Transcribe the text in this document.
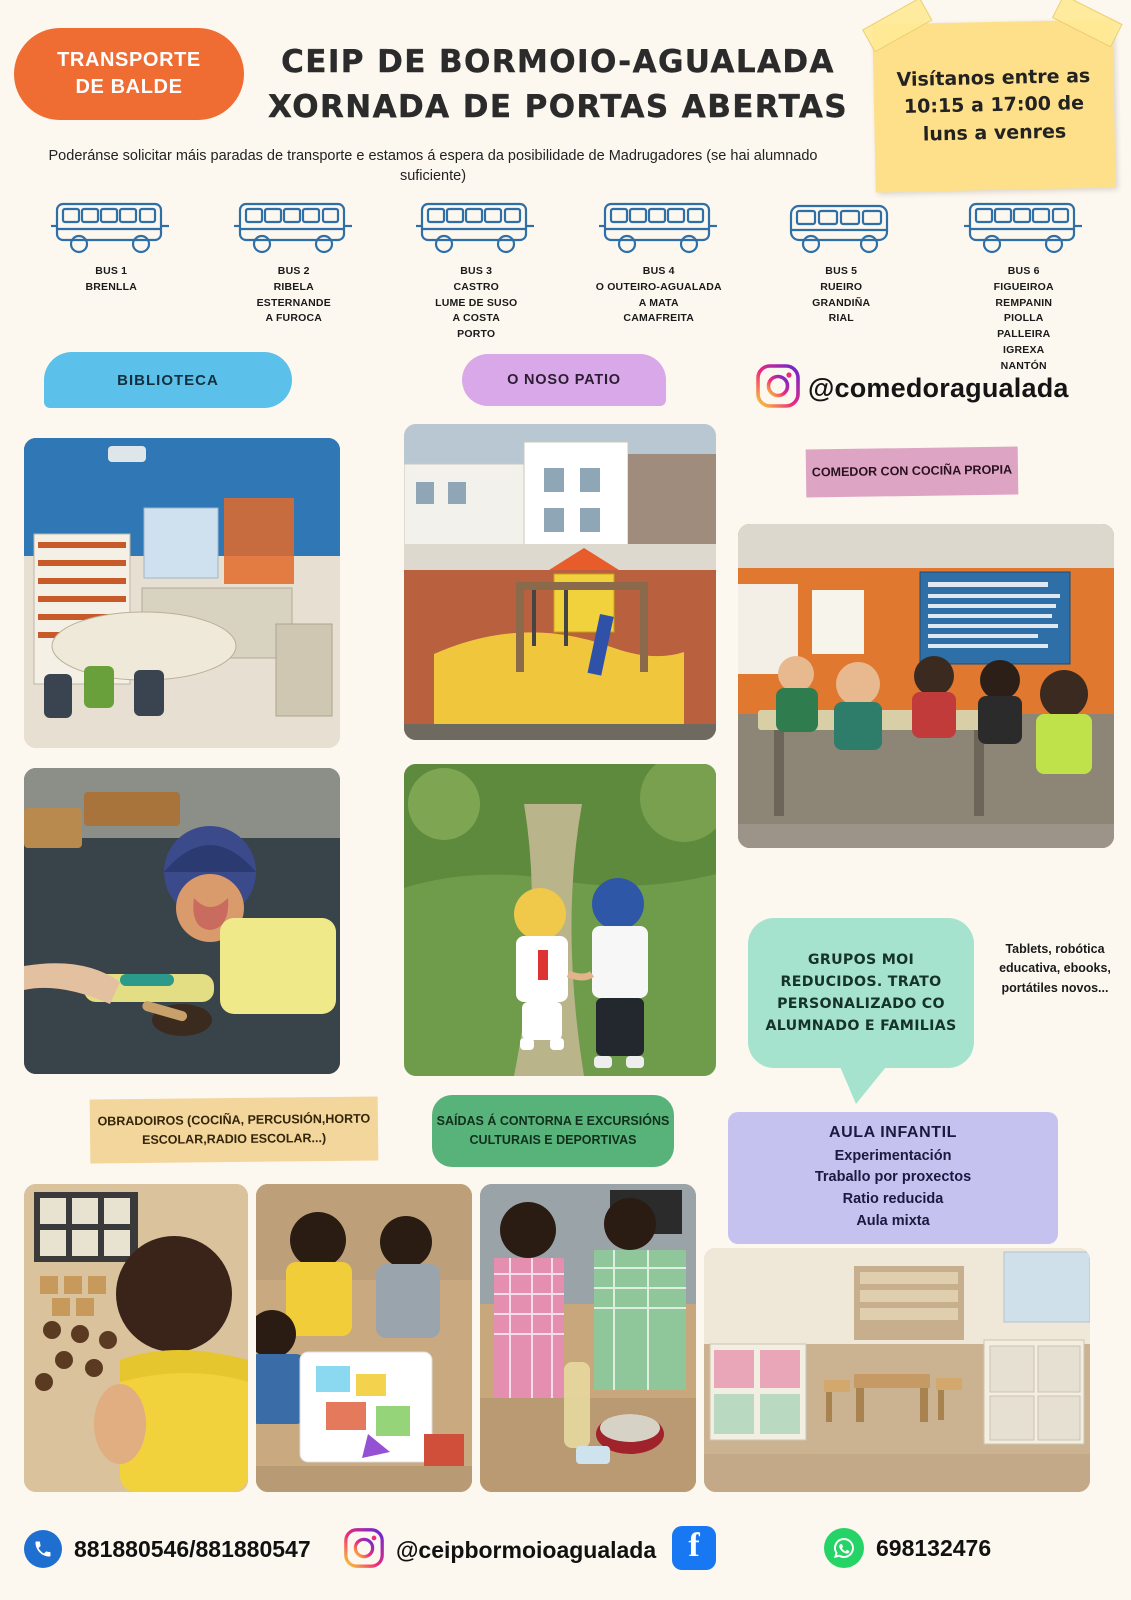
TRANSPORTE
DE BALDE
CEIP DE BORMOIO-AGUALADA
XORNADA DE PORTAS ABERTAS
Visítanos entre as 10:15 a 17:00 de luns a venres
Poderánse solicitar máis paradas de transporte e estamos á espera da posibilidade de Madrugadores (se hai alumnado suficiente)
BUS 1
BRENLLA
BUS 2
RIBELA
ESTERNANDE
A FUROCA
BUS 3
CASTRO
LUME DE SUSO
A COSTA
PORTO
BUS 4
O OUTEIRO-AGUALADA
A MATA
CAMAFREITA
BUS 5
RUEIRO
GRANDIÑA
RIAL
BUS 6
FIGUEIROA
REMPANIN
PIOLLA
PALLEIRA
IGREXA
NANTÓN
BIBLIOTECA	O NOSO PATIO	@comedoragualada
COMEDOR CON COCIÑA PROPIA
GRUPOS MOI REDUCIDOS. TRATO PERSONALIZADO CO ALUMNADO E FAMILIAS
Tablets, robótica educativa, ebooks, portátiles novos...
OBRADOIROS (COCIÑA, PERCUSIÓN,HORTO ESCOLAR,RADIO ESCOLAR...)
SAÍDAS Á CONTORNA E EXCURSIÓNS CULTURAIS E DEPORTIVAS	AULA INFANTIL
Experimentación
Traballo por proxectos
Ratio reducida
Aula mixta
881880546/881880547	@ceipbormoioagualada f	698132476
